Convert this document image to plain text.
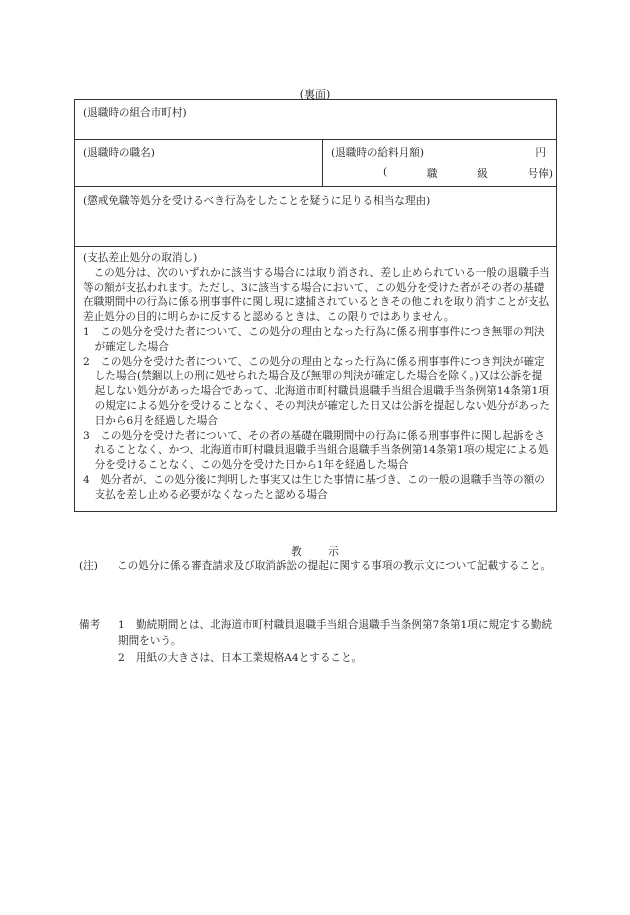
(裏面)
(退職時の組合市町村)
(退職時の職名)	(退職時の給料月額)	円
(	職	級	号俸)
(懲戒免職等処分を受けるべき行為をしたことを疑うに足りる相当な理由)
(支払差止処分の取消し)
この処分は、次のいずれかに該当する場合には取り消され、差し止められている一般の退職手当等の額が支払われます。ただし、3に該当する場合において、この処分を受けた者がその者の基礎在職期間中の行為に係る刑事事件に関し現に逮捕されているときその他これを取り消すことが支払差止処分の目的に明らかに反すると認めるときは、この限りではありません。
1　この処分を受けた者について、この処分の理由となった行為に係る刑事事件につき無罪の判決が確定した場合
2　この処分を受けた者について、この処分の理由となった行為に係る刑事事件につき判決が確定した場合(禁錮以上の刑に処せられた場合及び無罪の判決が確定した場合を除く。)又は公訴を提起しない処分があった場合であって、北海道市町村職員退職手当組合退職手当条例第14条第1項の規定による処分を受けることなく、その判決が確定した日又は公訴を提起しない処分があった日から6月を経過した場合
3　この処分を受けた者について、その者の基礎在職期間中の行為に係る刑事事件に関し起訴をされることなく、かつ、北海道市町村職員退職手当組合退職手当条例第14条第1項の規定による処分を受けることなく、この処分を受けた日から1年を経過した場合
4　処分者が、この処分後に判明した事実又は生じた事情に基づき、この一般の退職手当等の額の支払を差し止める必要がなくなったと認める場合
教示
(注)	この処分に係る審査請求及び取消訴訟の提起に関する事項の教示文について記載すること。
備考	1 勤続期間とは、北海道市町村職員退職手当組合退職手当条例第7条第1項に規定する勤続期間をいう。
2 用紙の大きさは、日本工業規格A4とすること。
